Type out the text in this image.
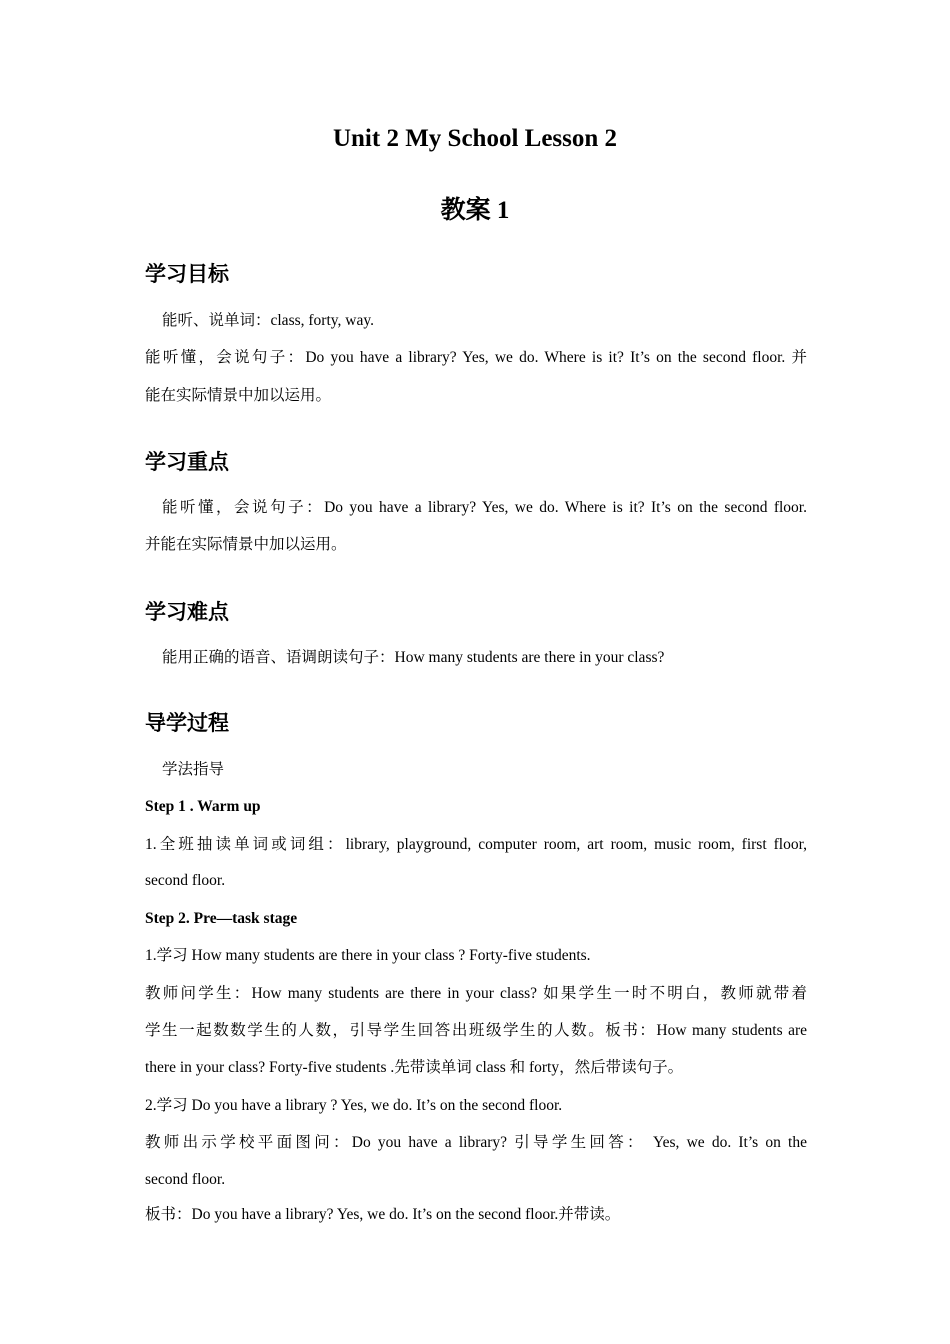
Unit 2 My School Lesson 2
教案 1
学习目标
能听、说单词：class, forty, way.
能听懂，会说句子：Do you have a library? Yes, we do. Where is it? It’s on the second floor. 并
能在实际情景中加以运用。
学习重点
能听懂，会说句子：Do you have a library? Yes, we do. Where is it? It’s on the second floor.
并能在实际情景中加以运用。
学习难点
能用正确的语音、语调朗读句子：How many students are there in your class?
导学过程
学法指导
Step 1 . Warm up
1.全班抽读单词或词组：library, playground, computer room, art room, music room, first floor,
second floor.
Step 2. Pre—task stage
1.学习 How many students are there in your class ? Forty-five students.
教师问学生：How many students are there in your class? 如果学生一时不明白，教师就带着
学生一起数数学生的人数，引导学生回答出班级学生的人数。板书：How many students are
there in your class? Forty-five students .先带读单词 class 和 forty，然后带读句子。
2.学习 Do you have a library ? Yes, we do. It’s on the second floor.
教师出示学校平面图问：Do you have a library? 引导学生回答： Yes, we do. It’s on the
second floor.
板书：Do you have a library? Yes, we do. It’s on the second floor.并带读。
